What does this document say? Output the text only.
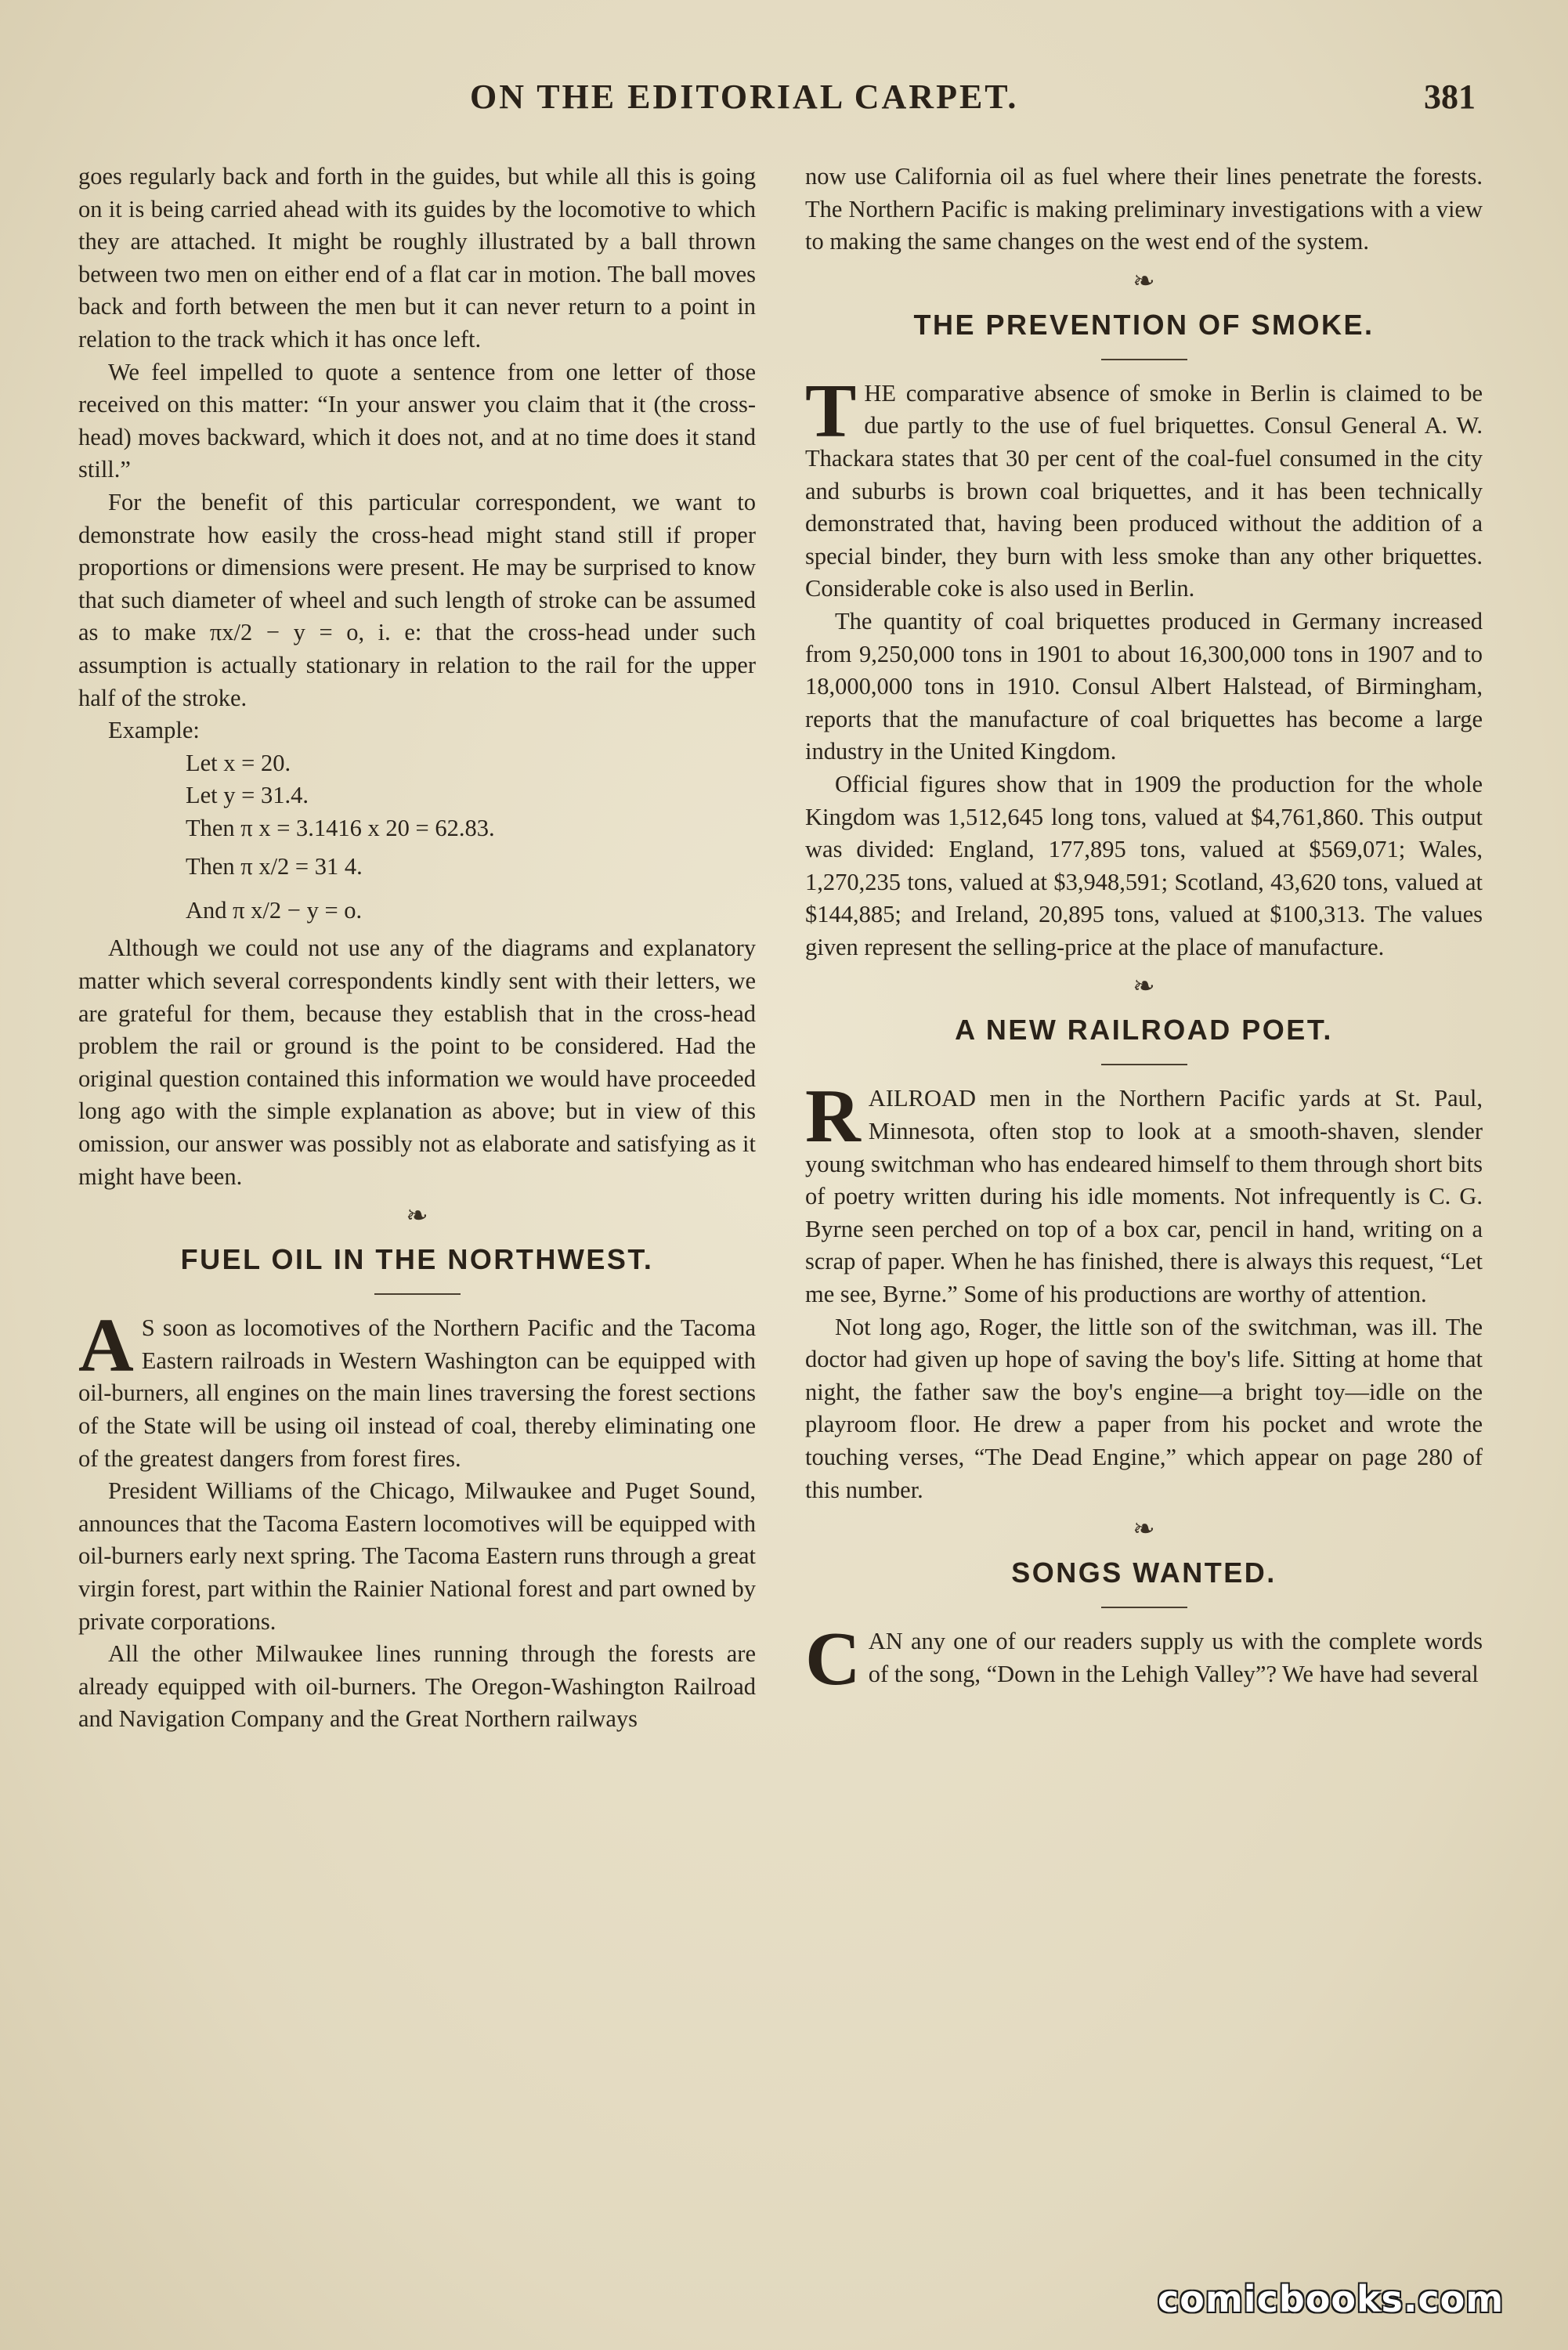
ON THE EDITORIAL CARPET.	381

goes regularly back and forth in the guides, but while all this is going on it is being carried ahead with its guides by the locomotive to which they are attached. It might be roughly illustrated by a ball thrown between two men on either end of a flat car in motion. The ball moves back and forth between the men but it can never return to a point in relation to the track which it has once left.

We feel impelled to quote a sentence from one letter of those received on this matter: “In your answer you claim that it (the cross-head) moves backward, which it does not, and at no time does it stand still.”

For the benefit of this particular correspondent, we want to demonstrate how easily the cross-head might stand still if proper proportions or dimensions were present. He may be surprised to know that such diameter of wheel and such length of stroke can be assumed as to make πx/2 − y = o, i. e: that the cross-head under such assumption is actually stationary in relation to the rail for the upper half of the stroke.

Example:
Let x = 20.
Let y = 31.4.
Then π x = 3.1416 x 20 = 62.83.
Then π x/2 = 31 4.
And π x/2 − y = o.

Although we could not use any of the diagrams and explanatory matter which several correspondents kindly sent with their letters, we are grateful for them, because they establish that in the cross-head problem the rail or ground is the point to be considered. Had the original question contained this information we would have proceeded long ago with the simple explanation as above; but in view of this omission, our answer was possibly not as elaborate and satisfying as it might have been.

❧
FUEL OIL IN THE NORTHWEST.

A S soon as locomotives of the Northern Pacific and the Tacoma Eastern railroads in Western Washington can be equipped with oil-burners, all engines on the main lines traversing the forest sections of the State will be using oil instead of coal, thereby eliminating one of the greatest dangers from forest fires.

President Williams of the Chicago, Milwaukee and Puget Sound, announces that the Tacoma Eastern locomotives will be equipped with oil-burners early next spring. The Tacoma Eastern runs through a great virgin forest, part within the Rainier National forest and part owned by private corporations.

All the other Milwaukee lines running through the forests are already equipped with oil-burners. The Oregon-Washington Railroad and Navigation Company and the Great Northern railways

now use California oil as fuel where their lines penetrate the forests. The Northern Pacific is making preliminary investigations with a view to making the same changes on the west end of the system.

❧
THE PREVENTION OF SMOKE.

THE comparative absence of smoke in Berlin is claimed to be due partly to the use of fuel briquettes. Consul General A. W. Thackara states that 30 per cent of the coal-fuel consumed in the city and suburbs is brown coal briquettes, and it has been technically demonstrated that, having been produced without the addition of a special binder, they burn with less smoke than any other briquettes. Considerable coke is also used in Berlin.

The quantity of coal briquettes produced in Germany increased from 9,250,000 tons in 1901 to about 16,300,000 tons in 1907 and to 18,000,000 tons in 1910. Consul Albert Halstead, of Birmingham, reports that the manufacture of coal briquettes has become a large industry in the United Kingdom.

Official figures show that in 1909 the production for the whole Kingdom was 1,512,645 long tons, valued at $4,761,860. This output was divided: England, 177,895 tons, valued at $569,071; Wales, 1,270,235 tons, valued at $3,948,591; Scotland, 43,620 tons, valued at $144,885; and Ireland, 20,895 tons, valued at $100,313. The values given represent the selling-price at the place of manufacture.

❧
A NEW RAILROAD POET.

RAILROAD men in the Northern Pacific yards at St. Paul, Minnesota, often stop to look at a smooth-shaven, slender young switchman who has endeared himself to them through short bits of poetry written during his idle moments. Not infrequently is C. G. Byrne seen perched on top of a box car, pencil in hand, writing on a scrap of paper. When he has finished, there is always this request, “Let me see, Byrne.” Some of his productions are worthy of attention.

Not long ago, Roger, the little son of the switchman, was ill. The doctor had given up hope of saving the boy's life. Sitting at home that night, the father saw the boy's engine—a bright toy—idle on the playroom floor. He drew a paper from his pocket and wrote the touching verses, “The Dead Engine,” which appear on page 280 of this number.

❧
SONGS WANTED.

CAN any one of our readers supply us with the complete words of the song, “Down in the Lehigh Valley”? We have had several

comicbooks.com
